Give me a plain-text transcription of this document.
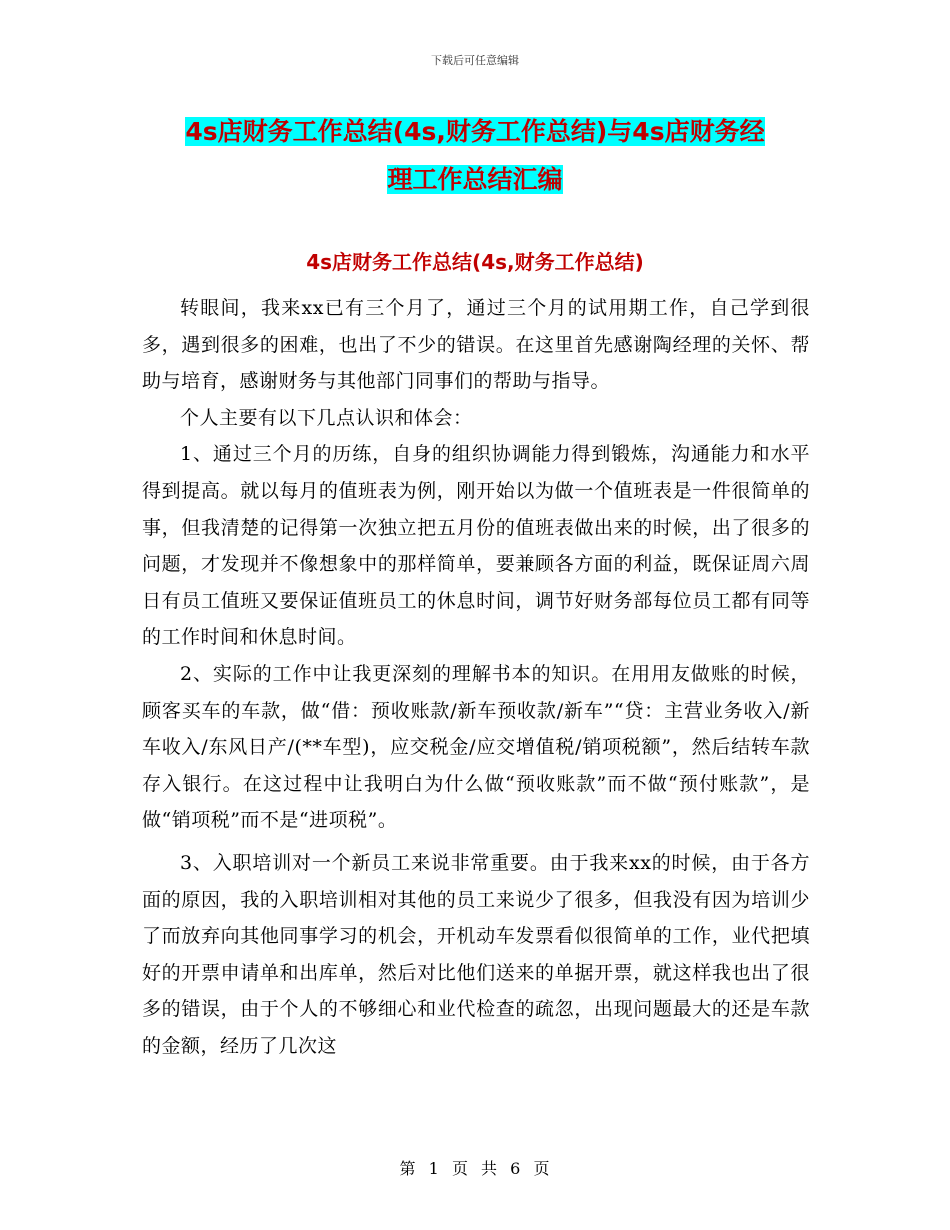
下载后可任意编辑
4s店财务工作总结(4s,财务工作总结)与4s店财务经
理工作总结汇编
4s店财务工作总结(4s,财务工作总结)

转眼间，我来xx已有三个月了，通过三个月的试用期工作，自己学到很多，遇到很多的困难，也出了不少的错误。在这里首先感谢陶经理的关怀、帮助与培育，感谢财务与其他部门同事们的帮助与指导。

个人主要有以下几点认识和体会：

1、通过三个月的历练，自身的组织协调能力得到锻炼，沟通能力和水平得到提高。就以每月的值班表为例，刚开始以为做一个值班表是一件很简单的事，但我清楚的记得第一次独立把五月份的值班表做出来的时候，出了很多的问题，才发现并不像想象中的那样简单，要兼顾各方面的利益，既保证周六周日有员工值班又要保证值班员工的休息时间，调节好财务部每位员工都有同等的工作时间和休息时间。

2、实际的工作中让我更深刻的理解书本的知识。在用用友做账的时候，顾客买车的车款，做“借：预收账款/新车预收款/新车”“贷：主营业务收入/新车收入/东风日产/(**车型)，应交税金/应交增值税/销项税额”，然后结转车款存入银行。在这过程中让我明白为什么做“预收账款”而不做“预付账款”，是做“销项税”而不是“进项税”。

3、入职培训对一个新员工来说非常重要。由于我来xx的时候，由于各方面的原因，我的入职培训相对其他的员工来说少了很多，但我没有因为培训少了而放弃向其他同事学习的机会，开机动车发票看似很简单的工作，业代把填好的开票申请单和出库单，然后对比他们送来的单据开票，就这样我也出了很多的错误，由于个人的不够细心和业代检查的疏忽，出现问题最大的还是车款的金额，经历了几次这

第 1 页 共 6 页
